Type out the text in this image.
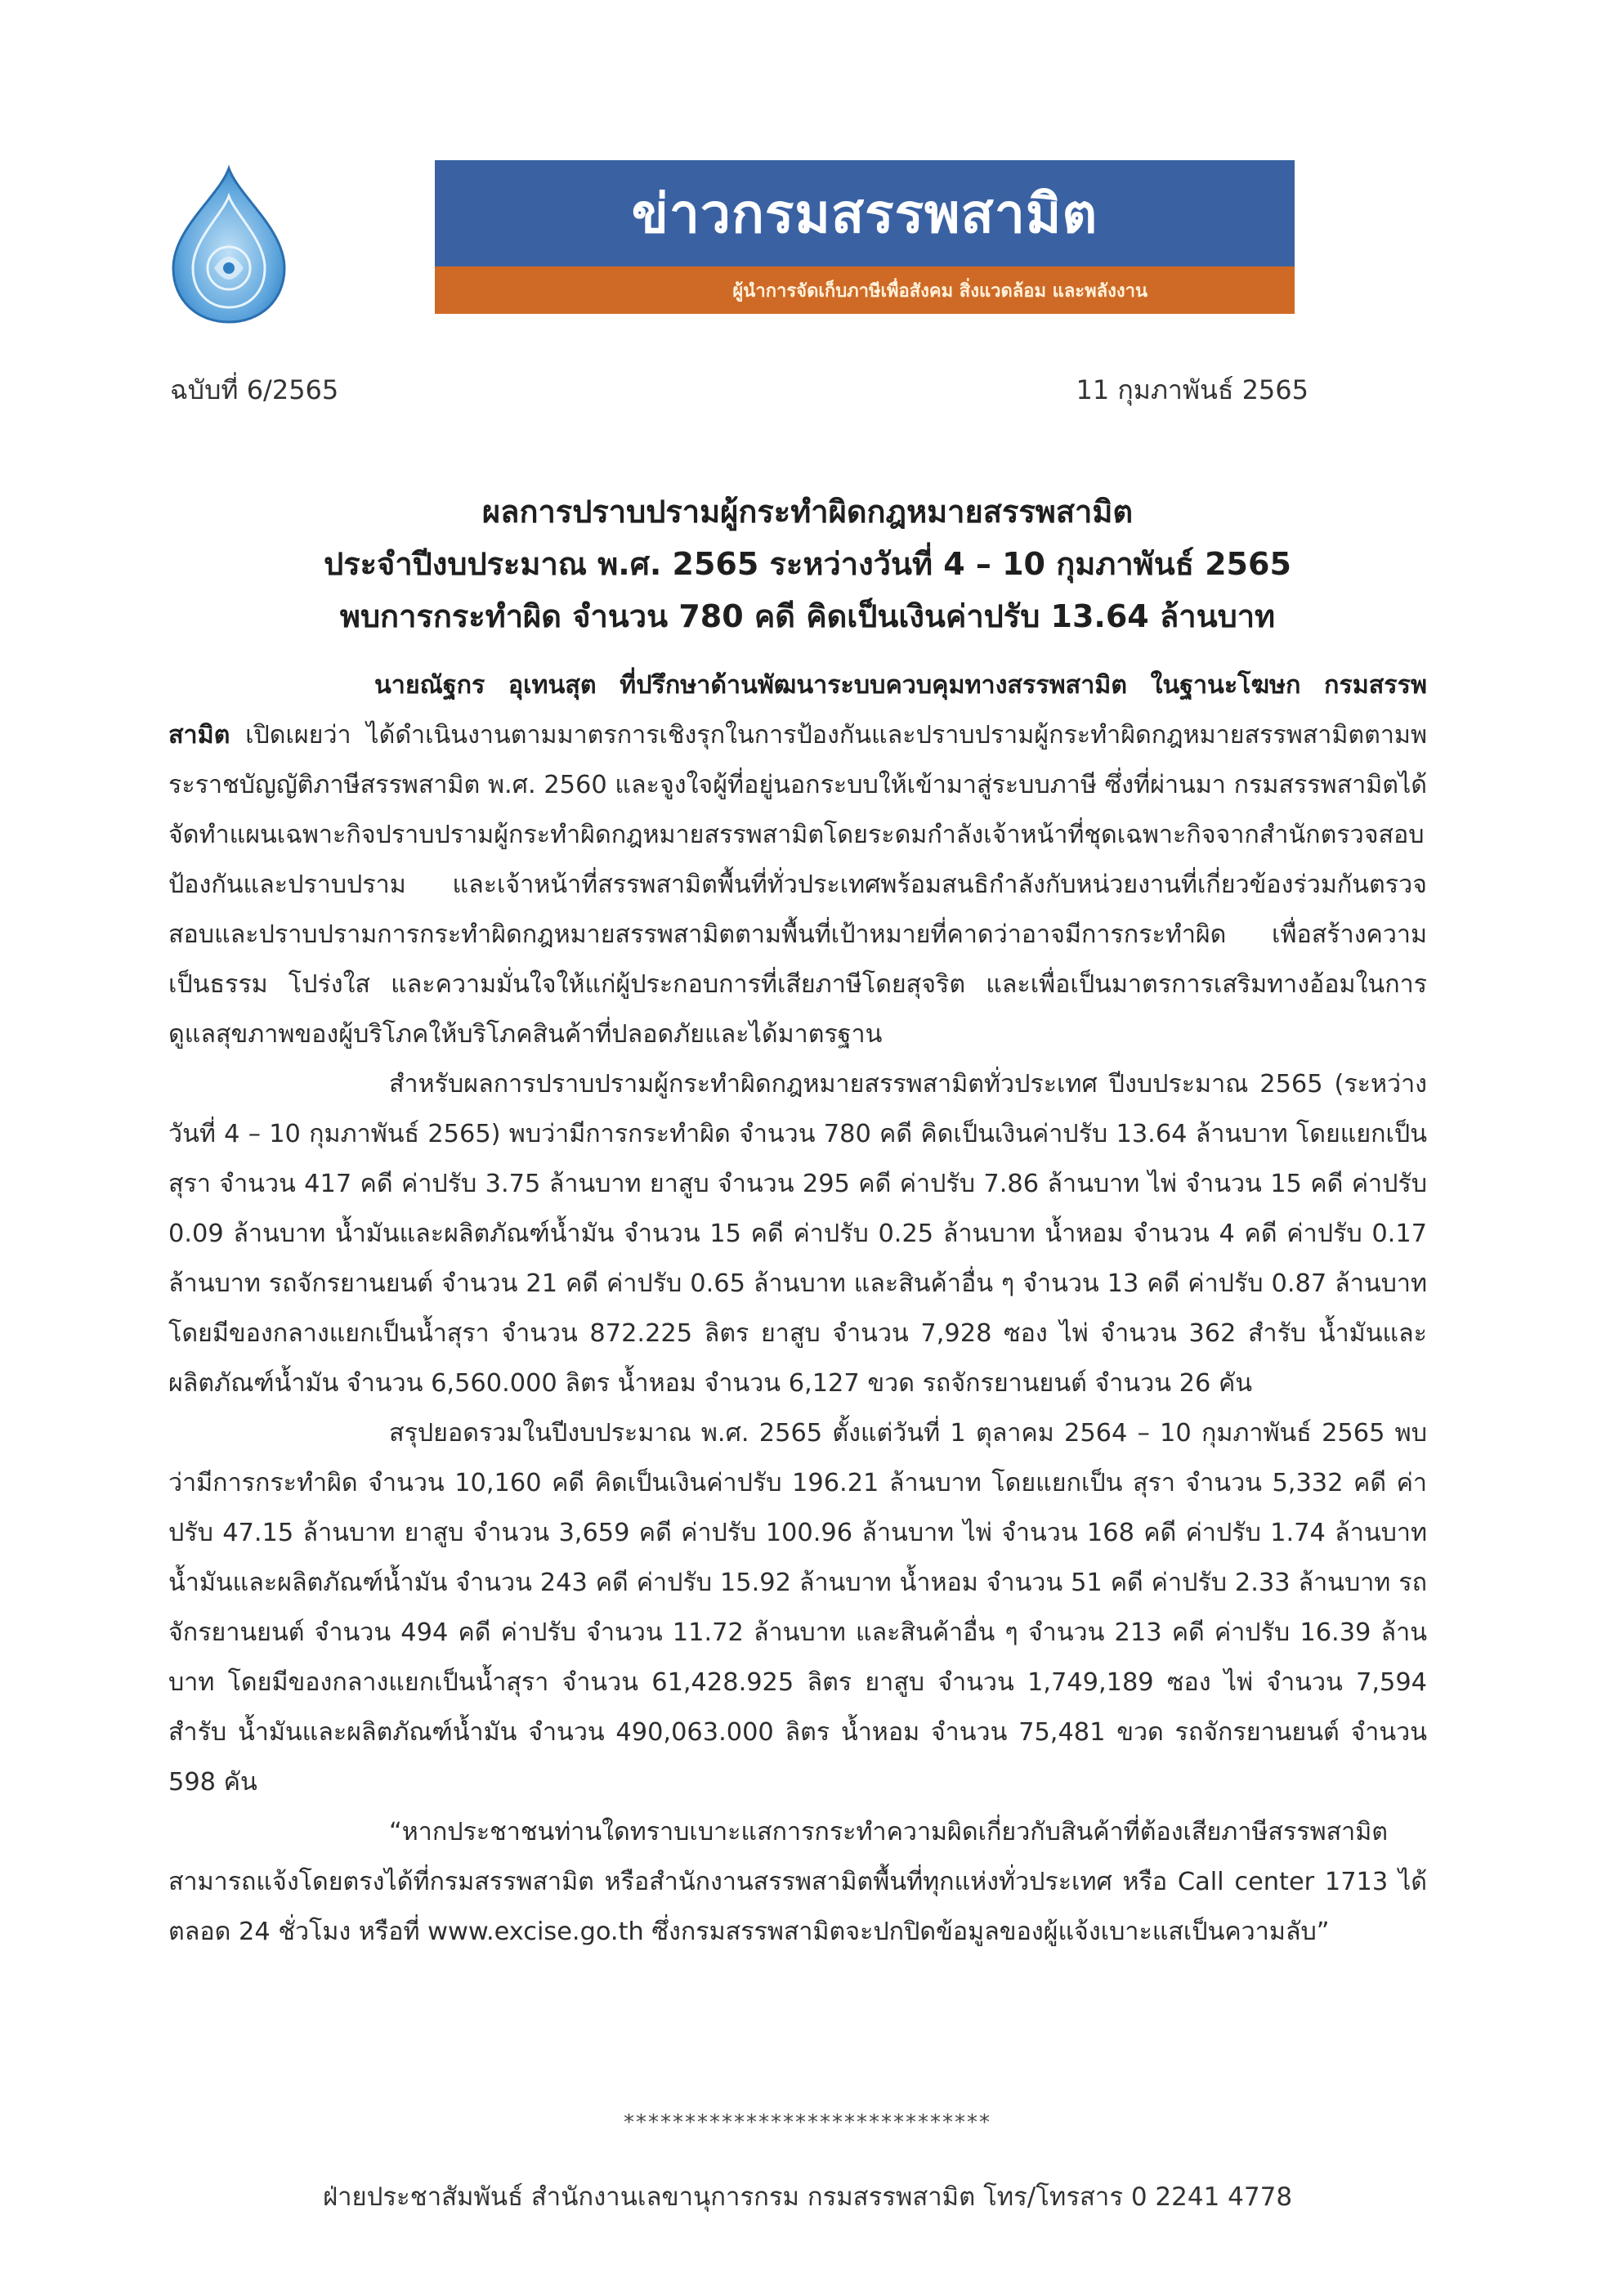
ข่าวกรมสรรพสามิต
ผู้นำการจัดเก็บภาษีเพื่อสังคม สิ่งแวดล้อม และพลังงาน
ฉบับที่ 6/2565	11 กุมภาพันธ์ 2565
ผลการปราบปรามผู้กระทำผิดกฎหมายสรรพสามิต
ประจำปีงบประมาณ พ.ศ. 2565 ระหว่างวันที่ 4 – 10 กุมภาพันธ์ 2565
พบการกระทำผิด จำนวน 780 คดี คิดเป็นเงินค่าปรับ 13.64 ล้านบาท

นายณัฐกร อุเทนสุต ที่ปรึกษาด้านพัฒนาระบบควบคุมทางสรรพสามิต ในฐานะโฆษก กรมสรรพสามิต เปิดเผยว่า ได้ดำเนินงานตามมาตรการเชิงรุกในการป้องกันและปราบปรามผู้กระทำผิดกฎหมายสรรพสามิตตามพระราชบัญญัติภาษีสรรพสามิต พ.ศ. 2560 และจูงใจผู้ที่อยู่นอกระบบให้เข้ามาสู่ระบบภาษี ซึ่งที่ผ่านมา กรมสรรพสามิตได้จัดทำแผนเฉพาะกิจปราบปรามผู้กระทำผิดกฎหมายสรรพสามิตโดยระดมกำลังเจ้าหน้าที่ชุดเฉพาะกิจจากสำนักตรวจสอบ ป้องกันและปราบปราม และเจ้าหน้าที่สรรพสามิตพื้นที่ทั่วประเทศพร้อมสนธิกำลังกับหน่วยงานที่เกี่ยวข้องร่วมกันตรวจสอบและปราบปรามการกระทำผิดกฎหมายสรรพสามิตตามพื้นที่เป้าหมายที่คาดว่าอาจมีการกระทำผิด เพื่อสร้างความเป็นธรรม โปร่งใส และความมั่นใจให้แก่ผู้ประกอบการที่เสียภาษีโดยสุจริต และเพื่อเป็นมาตรการเสริมทางอ้อมในการดูแลสุขภาพของผู้บริโภคให้บริโภคสินค้าที่ปลอดภัยและได้มาตรฐาน

สำหรับผลการปราบปรามผู้กระทำผิดกฎหมายสรรพสามิตทั่วประเทศ ปีงบประมาณ 2565 (ระหว่างวันที่ 4 – 10 กุมภาพันธ์ 2565) พบว่ามีการกระทำผิด จำนวน 780 คดี คิดเป็นเงินค่าปรับ 13.64 ล้านบาท โดยแยกเป็น สุรา จำนวน 417 คดี ค่าปรับ 3.75 ล้านบาท ยาสูบ จำนวน 295 คดี ค่าปรับ 7.86 ล้านบาท ไพ่ จำนวน 15 คดี ค่าปรับ 0.09 ล้านบาท น้ำมันและผลิตภัณฑ์น้ำมัน จำนวน 15 คดี ค่าปรับ 0.25 ล้านบาท น้ำหอม จำนวน 4 คดี ค่าปรับ 0.17 ล้านบาท รถจักรยานยนต์ จำนวน 21 คดี ค่าปรับ 0.65 ล้านบาท และสินค้าอื่น ๆ จำนวน 13 คดี ค่าปรับ 0.87 ล้านบาท โดยมีของกลางแยกเป็นน้ำสุรา จำนวน 872.225 ลิตร ยาสูบ จำนวน 7,928 ซอง ไพ่ จำนวน 362 สำรับ น้ำมันและผลิตภัณฑ์น้ำมัน จำนวน 6,560.000 ลิตร น้ำหอม จำนวน 6,127 ขวด รถจักรยานยนต์ จำนวน 26 คัน

สรุปยอดรวมในปีงบประมาณ พ.ศ. 2565 ตั้งแต่วันที่ 1 ตุลาคม 2564 – 10 กุมภาพันธ์ 2565 พบว่ามีการกระทำผิด จำนวน 10,160 คดี คิดเป็นเงินค่าปรับ 196.21 ล้านบาท โดยแยกเป็น สุรา จำนวน 5,332 คดี ค่าปรับ 47.15 ล้านบาท ยาสูบ จำนวน 3,659 คดี ค่าปรับ 100.96 ล้านบาท ไพ่ จำนวน 168 คดี ค่าปรับ 1.74 ล้านบาท น้ำมันและผลิตภัณฑ์น้ำมัน จำนวน 243 คดี ค่าปรับ 15.92 ล้านบาท น้ำหอม จำนวน 51 คดี ค่าปรับ 2.33 ล้านบาท รถจักรยานยนต์ จำนวน 494 คดี ค่าปรับ จำนวน 11.72 ล้านบาท และสินค้าอื่น ๆ จำนวน 213 คดี ค่าปรับ 16.39 ล้านบาท โดยมีของกลางแยกเป็นน้ำสุรา จำนวน 61,428.925 ลิตร ยาสูบ จำนวน 1,749,189 ซอง ไพ่ จำนวน 7,594 สำรับ น้ำมันและผลิตภัณฑ์น้ำมัน จำนวน 490,063.000 ลิตร น้ำหอม จำนวน 75,481 ขวด รถจักรยานยนต์ จำนวน 598 คัน

“หากประชาชนท่านใดทราบเบาะแสการกระทำความผิดเกี่ยวกับสินค้าที่ต้องเสียภาษีสรรพสามิตสามารถแจ้งโดยตรงได้ที่กรมสรรพสามิต หรือสำนักงานสรรพสามิตพื้นที่ทุกแห่งทั่วประเทศ หรือ Call center 1713 ได้ตลอด 24 ชั่วโมง หรือที่ www.excise.go.th ซึ่งกรมสรรพสามิตจะปกปิดข้อมูลของผู้แจ้งเบาะแสเป็นความลับ”

******************************
ฝ่ายประชาสัมพันธ์ สำนักงานเลขานุการกรม กรมสรรพสามิต โทร/โทรสาร 0 2241 4778
